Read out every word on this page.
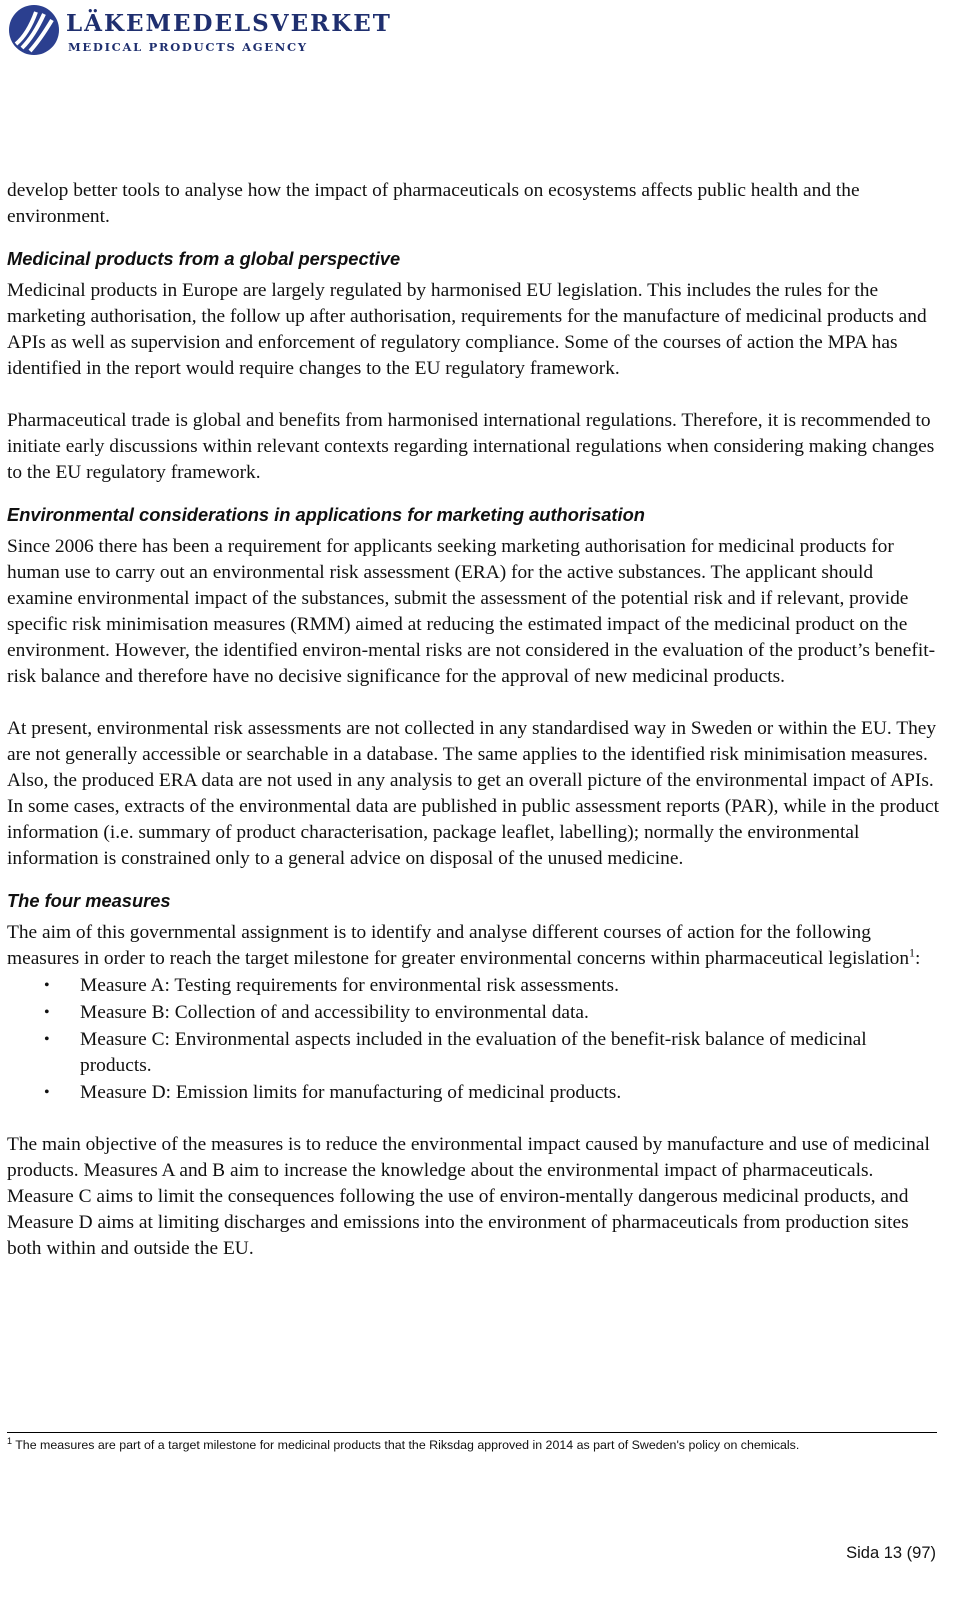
LÄKEMEDELSVERKET
MEDICAL PRODUCTS AGENCY

develop better tools to analyse how the impact of pharmaceuticals on ecosystems affects public health and the environment.

Medicinal products from a global perspective

Medicinal products in Europe are largely regulated by harmonised EU legislation. This includes the rules for the marketing authorisation, the follow up after authorisation, requirements for the manufacture of medicinal products and APIs as well as supervision and enforcement of regulatory compliance. Some of the courses of action the MPA has identified in the report would require changes to the EU regulatory framework.

Pharmaceutical trade is global and benefits from harmonised international regulations. Therefore, it is recommended to initiate early discussions within relevant contexts regarding international regulations when considering making changes to the EU regulatory framework.

Environmental considerations in applications for marketing authorisation

Since 2006 there has been a requirement for applicants seeking marketing authorisation for medicinal products for human use to carry out an environmental risk assessment (ERA) for the active substances. The applicant should examine environmental impact of the substances, submit the assessment of the potential risk and if relevant, provide specific risk minimisation measures (RMM) aimed at reducing the estimated impact of the medicinal product on the environment. However, the identified environ-mental risks are not considered in the evaluation of the product’s benefit-risk balance and therefore have no decisive significance for the approval of new medicinal products.

At present, environmental risk assessments are not collected in any standardised way in Sweden or within the EU. They are not generally accessible or searchable in a database. The same applies to the identified risk minimisation measures. Also, the produced ERA data are not used in any analysis to get an overall picture of the environmental impact of APIs. In some cases, extracts of the environmental data are published in public assessment reports (PAR), while in the product information (i.e. summary of product characterisation, package leaflet, labelling); normally the environmental information is constrained only to a general advice on disposal of the unused medicine.

The four measures

The aim of this governmental assignment is to identify and analyse different courses of action for the following measures in order to reach the target milestone for greater environmental concerns within pharmaceutical legislation$^1$:

• Measure A: Testing requirements for environmental risk assessments.
• Measure B: Collection of and accessibility to environmental data.
• Measure C: Environmental aspects included in the evaluation of the benefit-risk balance of medicinal products.
• Measure D: Emission limits for manufacturing of medicinal products.

The main objective of the measures is to reduce the environmental impact caused by manufacture and use of medicinal products. Measures A and B aim to increase the knowledge about the environmental impact of pharmaceuticals. Measure C aims to limit the consequences following the use of environ-mentally dangerous medicinal products, and Measure D aims at limiting discharges and emissions into the environment of pharmaceuticals from production sites both within and outside the EU.

$^1$ The measures are part of a target milestone for medicinal products that the Riksdag approved in 2014 as part of Sweden's policy on chemicals.
Sida 13 (97)
